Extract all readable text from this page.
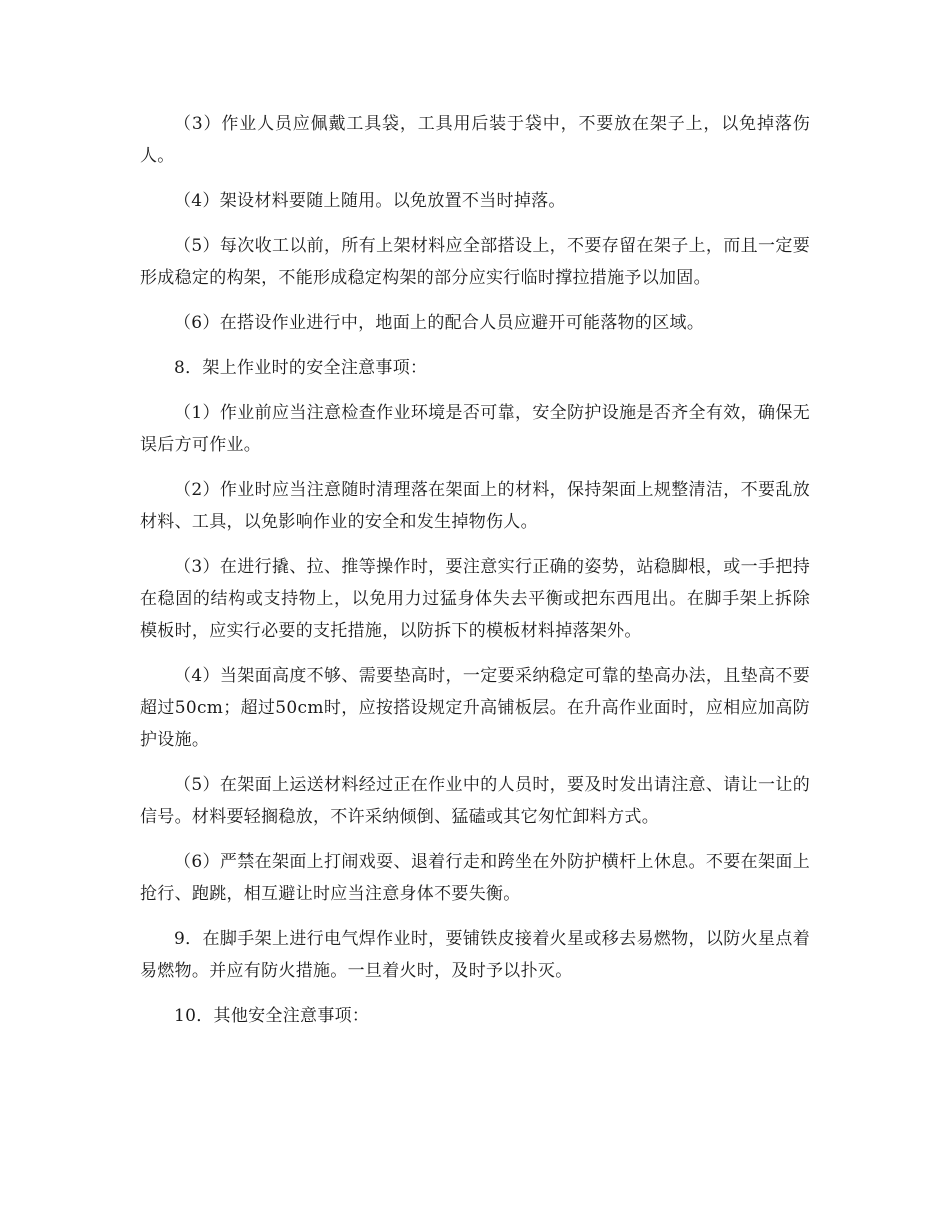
（3）作业人员应佩戴工具袋，工具用后装于袋中，不要放在架子上，以免掉落伤人。

（4）架设材料要随上随用。以免放置不当时掉落。

（5）每次收工以前，所有上架材料应全部搭设上，不要存留在架子上，而且一定要形成稳定的构架，不能形成稳定构架的部分应实行临时撑拉措施予以加固。

（6）在搭设作业进行中，地面上的配合人员应避开可能落物的区域。

8．架上作业时的安全注意事项：

（1）作业前应当注意检查作业环境是否可靠，安全防护设施是否齐全有效，确保无误后方可作业。

（2）作业时应当注意随时清理落在架面上的材料，保持架面上规整清洁，不要乱放材料、工具，以免影响作业的安全和发生掉物伤人。

（3）在进行撬、拉、推等操作时，要注意实行正确的姿势，站稳脚根，或一手把持在稳固的结构或支持物上，以免用力过猛身体失去平衡或把东西甩出。在脚手架上拆除模板时，应实行必要的支托措施，以防拆下的模板材料掉落架外。

（4）当架面高度不够、需要垫高时，一定要采纳稳定可靠的垫高办法，且垫高不要超过50cm；超过50cm时，应按搭设规定升高铺板层。在升高作业面时，应相应加高防护设施。

（5）在架面上运送材料经过正在作业中的人员时，要及时发出请注意、请让一让的信号。材料要轻搁稳放，不许采纳倾倒、猛磕或其它匆忙卸料方式。

（6）严禁在架面上打闹戏耍、退着行走和跨坐在外防护横杆上休息。不要在架面上抢行、跑跳，相互避让时应当注意身体不要失衡。

9．在脚手架上进行电气焊作业时，要铺铁皮接着火星或移去易燃物，以防火星点着易燃物。并应有防火措施。一旦着火时，及时予以扑灭。

10．其他安全注意事项：
